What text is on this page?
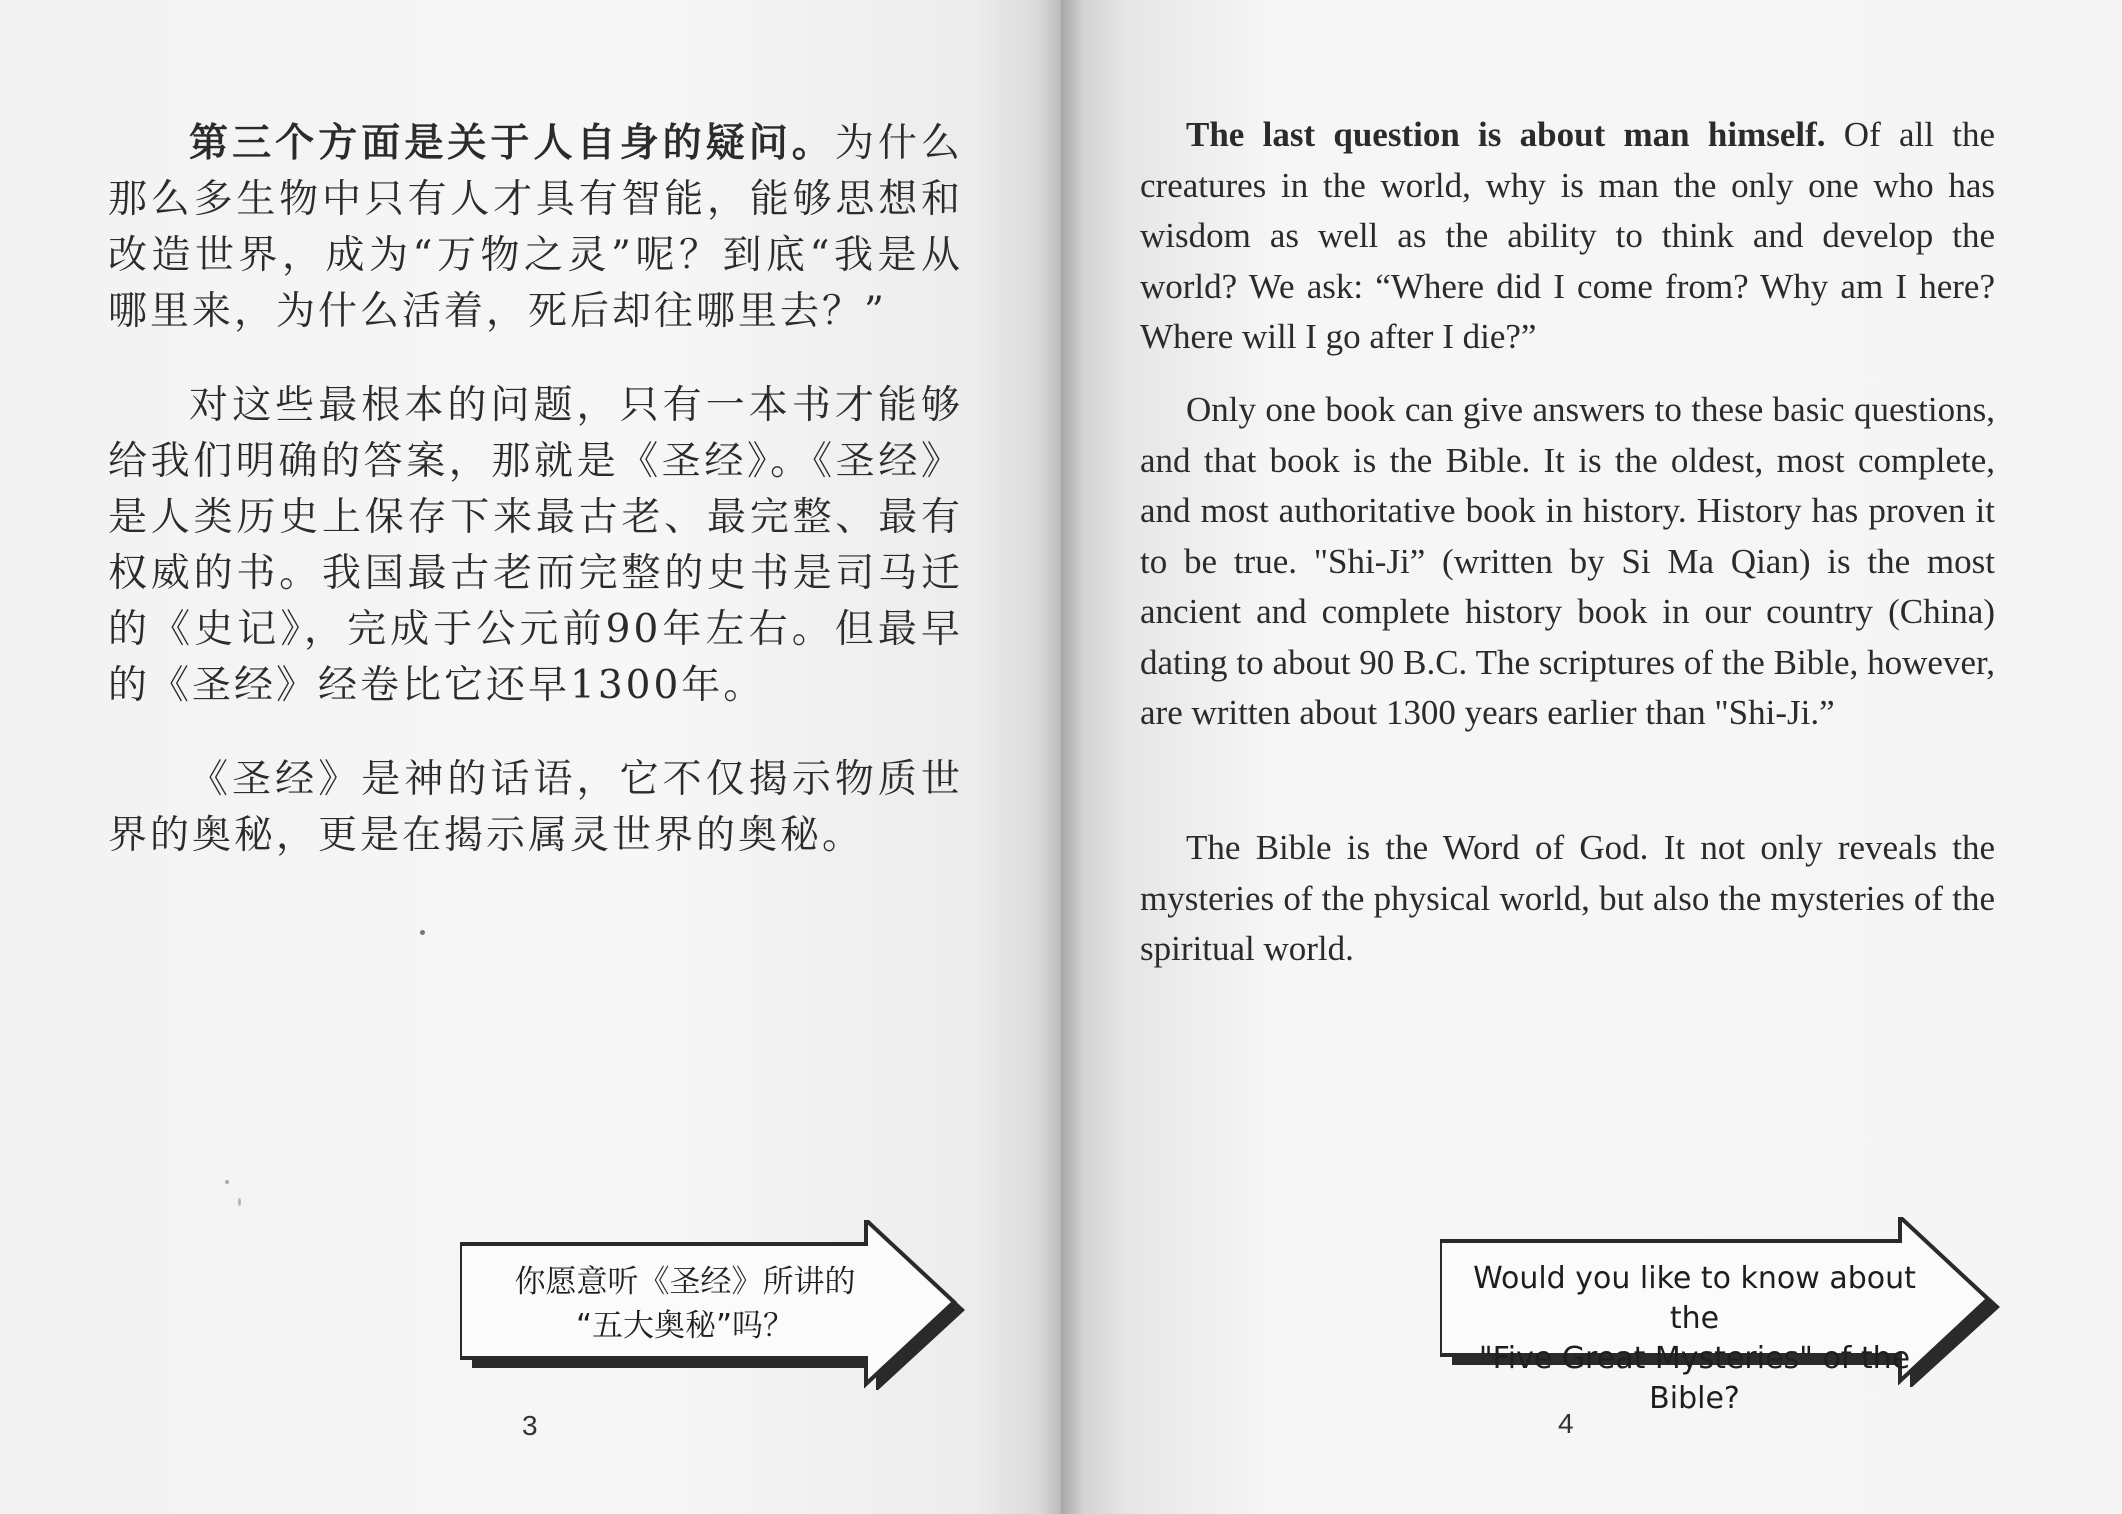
第三个方面是关于人自身的疑问。为什么那么多生物中只有人才具有智能，能够思想和改造世界，成为“万物之灵”呢？到底“我是从哪里来，为什么活着，死后却往哪里去？”

对这些最根本的问题，只有一本书才能够给我们明确的答案，那就是《圣经》。《圣经》是人类历史上保存下来最古老、最完整、最有权威的书。我国最古老而完整的史书是司马迁的《史记》，完成于公元前90年左右。但最早的《圣经》经卷比它还早1300年。

《圣经》是神的话语，它不仅揭示物质世界的奥秘，更是在揭示属灵世界的奥秘。

你愿意听《圣经》所讲的
“五大奥秘”吗？
3

The last question is about man himself. Of all the creatures in the world, why is man the only one who has wisdom as well as the ability to think and develop the world? We ask: “Where did I come from? Why am I here? Where will I go after I die?”

Only one book can give answers to these basic questions, and that book is the Bible. It is the oldest, most complete, and most authoritative book in history. History has proven it to be true. "Shi-Ji” (written by Si Ma Qian) is the most ancient and complete history book in our country (China) dating to about 90 B.C. The scriptures of the Bible, however, are written about 1300 years earlier than "Shi-Ji.”

The Bible is the Word of God. It not only reveals the mysteries of the physical world, but also the mysteries of the spiritual world.

Would you like to know about the
"Five Great Mysteries" of the Bible?
4
